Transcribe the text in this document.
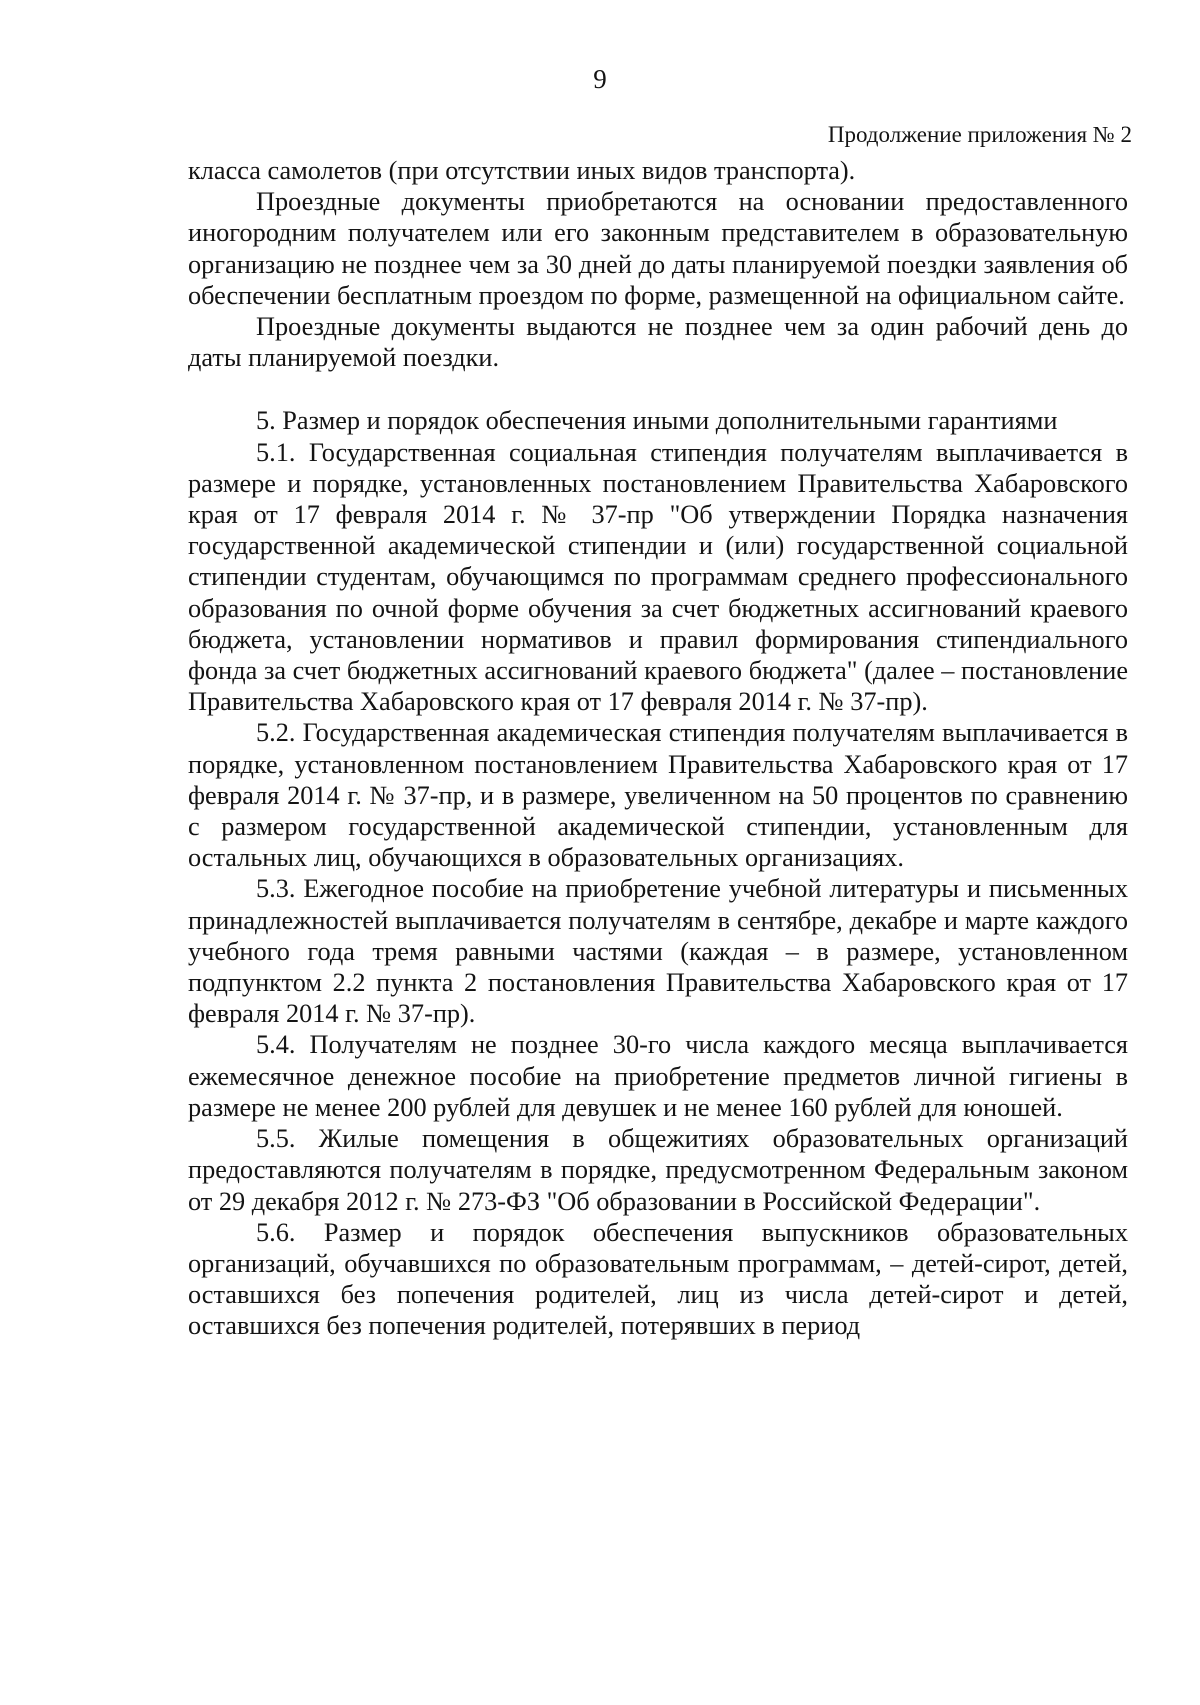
9
Продолжение приложения № 2

класса самолетов (при отсутствии иных видов транспорта).

Проездные документы приобретаются на основании предоставленного иногородним получателем или его законным представителем в образовательную организацию не позднее чем за 30 дней до даты планируемой поездки заявления об обеспечении бесплатным проездом по форме, размещенной на официальном сайте.

Проездные документы выдаются не позднее чем за один рабочий день до даты планируемой поездки.

5. Размер и порядок обеспечения иными дополнительными гарантиями

5.1. Государственная социальная стипендия получателям выплачивается в размере и порядке, установленных постановлением Правительства Хабаровского края от 17 февраля 2014 г. № 37-пр "Об утверждении Порядка назначения государственной академической стипендии и (или) государственной социальной стипендии студентам, обучающимся по программам среднего профессионального образования по очной форме обучения за счет бюджетных ассигнований краевого бюджета, установлении нормативов и правил формирования стипендиального фонда за счет бюджетных ассигнований краевого бюджета" (далее – постановление Правительства Хабаровского края от 17 февраля 2014 г. № 37-пр).

5.2. Государственная академическая стипендия получателям выплачивается в порядке, установленном постановлением Правительства Хабаровского края от 17 февраля 2014 г. № 37-пр, и в размере, увеличенном на 50 процентов по сравнению с размером государственной академической стипендии, установленным для остальных лиц, обучающихся в образовательных организациях.

5.3. Ежегодное пособие на приобретение учебной литературы и письменных принадлежностей выплачивается получателям в сентябре, декабре и марте каждого учебного года тремя равными частями (каждая – в размере, установленном подпунктом 2.2 пункта 2 постановления Правительства Хабаровского края от 17 февраля 2014 г. № 37-пр).

5.4. Получателям не позднее 30-го числа каждого месяца выплачивается ежемесячное денежное пособие на приобретение предметов личной гигиены в размере не менее 200 рублей для девушек и не менее 160 рублей для юношей.

5.5. Жилые помещения в общежитиях образовательных организаций предоставляются получателям в порядке, предусмотренном Федеральным законом от 29 декабря 2012 г. № 273-ФЗ "Об образовании в Российской Федерации".

5.6. Размер и порядок обеспечения выпускников образовательных организаций, обучавшихся по образовательным программам, – детей-сирот, детей, оставшихся без попечения родителей, лиц из числа детей-сирот и детей, оставшихся без попечения родителей, потерявших в период
